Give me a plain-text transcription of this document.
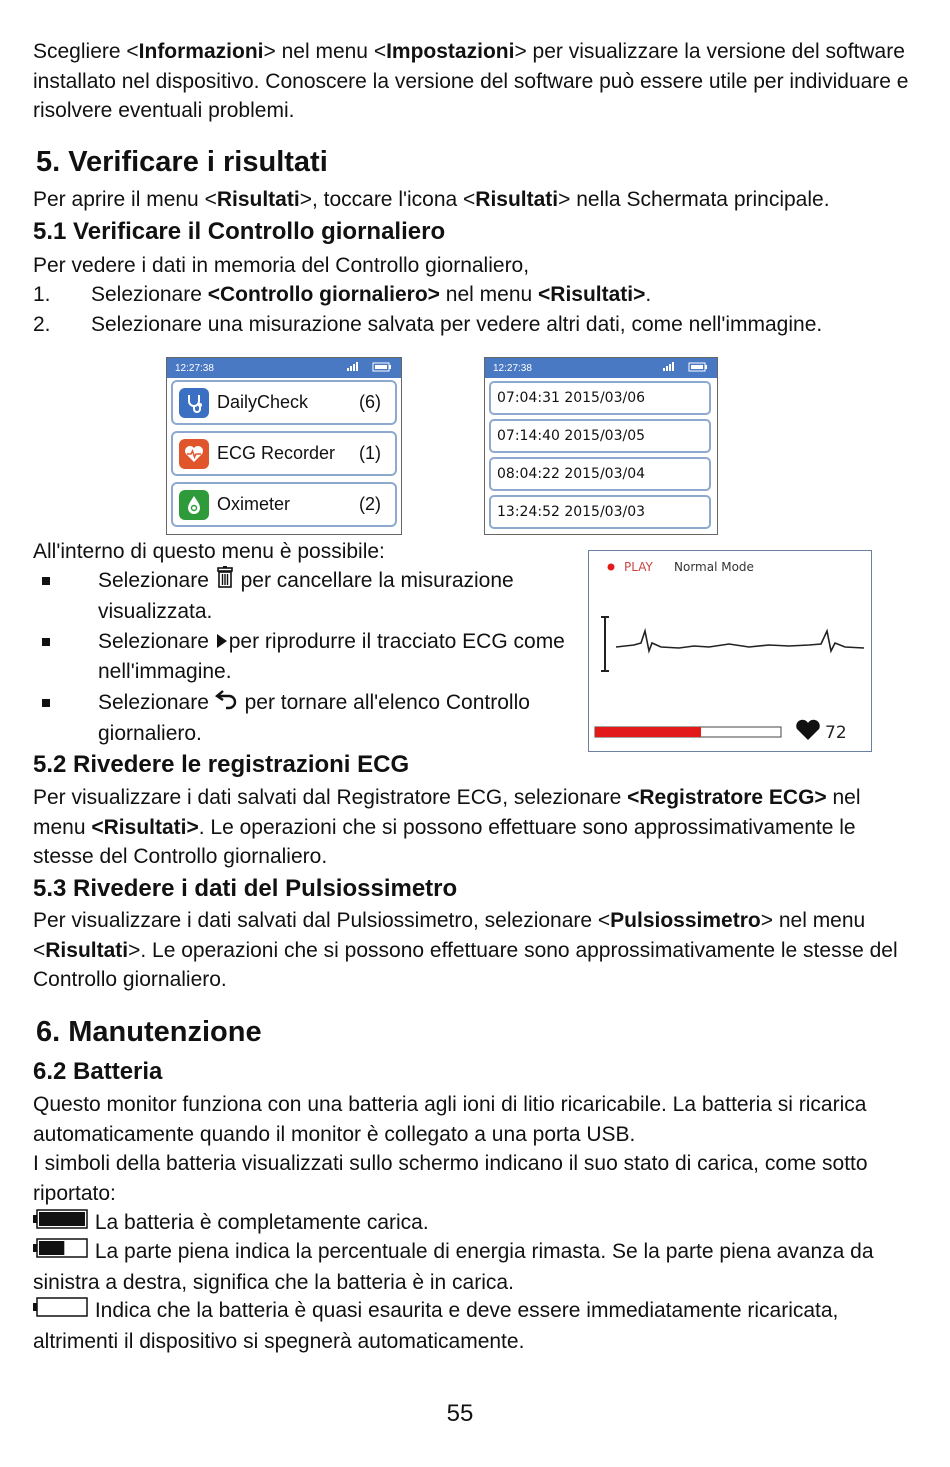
Scegliere <Informazioni> nel menu <Impostazioni> per visualizzare la versione del software installato nel dispositivo. Conoscere la versione del software può essere utile per individuare e risolvere eventuali problemi.

5. Verificare i risultati

Per aprire il menu <Risultati>, toccare l'icona <Risultati> nella Schermata principale.

5.1 Verificare il Controllo giornaliero

Per vedere i dati in memoria del Controllo giornaliero,

1.	Selezionare <Controllo giornaliero> nel menu <Risultati>.
2.	Selezionare una misurazione salvata per vedere altri dati, come nell'immagine.
12:27:38
DailyCheck	(6)
ECG Recorder	(1)
Oximeter	(2)
12:27:38
07:04:31 2015/03/06
07:14:40 2015/03/05
08:04:22 2015/03/04
13:24:52 2015/03/03

All'interno di questo menu è possibile:

Selezionare  per cancellare la misurazione visualizzata.
Selezionare per riprodurre il tracciato ECG come nell'immagine.
Selezionare  per tornare all'elenco Controllo giornaliero.
PLAY Normal Mode
72
5.2 Rivedere le registrazioni ECG

Per visualizzare i dati salvati dal Registratore ECG, selezionare <Registratore ECG> nel menu <Risultati>. Le operazioni che si possono effettuare sono approssimativamente le stesse del Controllo giornaliero.

5.3 Rivedere i dati del Pulsiossimetro

Per visualizzare i dati salvati dal Pulsiossimetro, selezionare <Pulsiossimetro> nel menu <Risultati>. Le operazioni che si possono effettuare sono approssimativamente le stesse del Controllo giornaliero.

6. Manutenzione
6.2 Batteria

Questo monitor funziona con una batteria agli ioni di litio ricaricabile. La batteria si ricarica automaticamente quando il monitor è collegato a una porta USB.

I simboli della batteria visualizzati sullo schermo indicano il suo stato di carica, come sotto riportato:

La batteria è completamente carica.
La parte piena indica la percentuale di energia rimasta. Se la parte piena avanza da sinistra a destra, significa che la batteria è in carica.
Indica che la batteria è quasi esaurita e deve essere immediatamente ricaricata, altrimenti il dispositivo si spegnerà automaticamente.
55
